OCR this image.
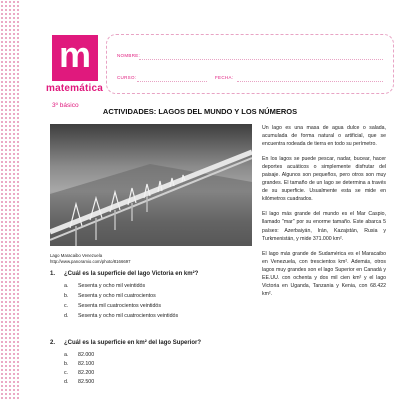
m
matemática
3º básico
NOMBRE:
CURSO:	FECHA:
ACTIVIDADES: LAGOS DEL MUNDO Y LOS NÚMEROS
Lago Maracaibo Venezuela
http://www.panoramio.com/photo/8166697
1. ¿Cuál es la superficie del lago Victoria en km²?
a. Sesenta y ocho mil veintidós
b. Sesenta y ocho mil cuatrocientos
c. Sesenta mil cuatrocientos veintidós
d. Sesenta y ocho mil cuatrocientos veintidós
2. ¿Cuál es la superficie en km² del lago Superior?
a. 82.000
b. 82.100
c. 82.200
d. 82.500

Un lago es una masa de agua dulce o salada, acumulada de forma natural o artificial, que se encuentra rodeada de tierra en todo su perímetro.

En los lagos se puede pescar, nadar, bucear, hacer deportes acuáticos o simplemente disfrutar del paisaje. Algunos son pequeños, pero otros son muy grandes. El tamaño de un lago se determina a través de su superficie. Usualmente esta se mide en kilómetros cuadrados.

El lago más grande del mundo es el Mar Caspio, llamado "mar" por su enorme tamaño. Este abarca 5 países: Azerbaiyán, Irán, Kazajstán, Rusia y Turkmenistán, y mide 371.000 km².

El lago más grande de Sudamérica es el Maracaibo en Venezuela, con trescientos km². Además, otros lagos muy grandes son el lago Superior en Canadá y EE.UU. con ochenta y dos mil cien km² y el lago Victoria en Uganda, Tanzania y Kenia, con 68.422 km².
